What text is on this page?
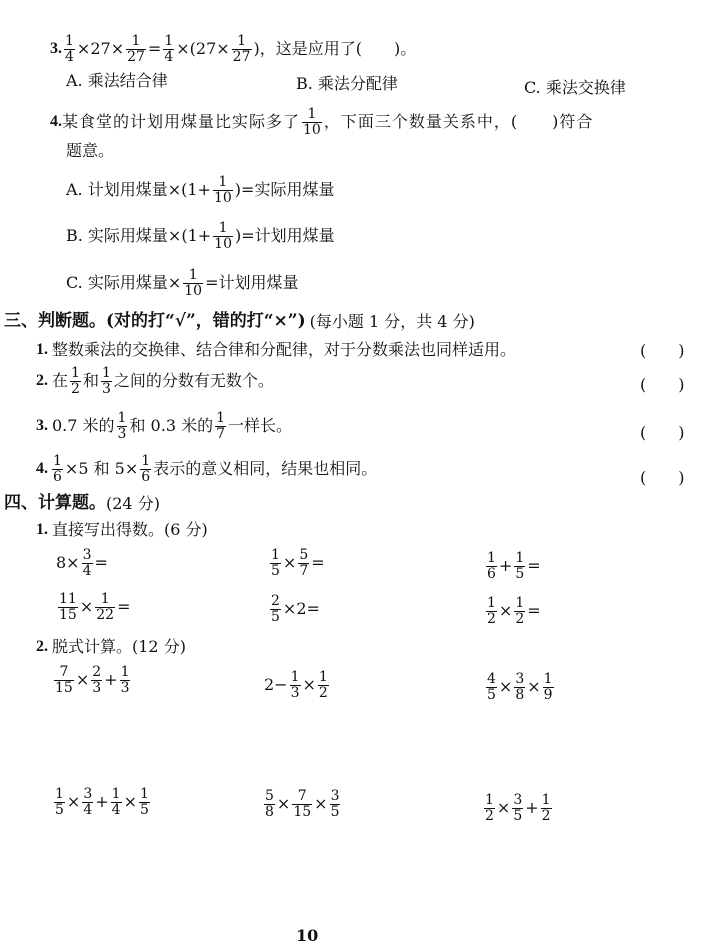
3. $\frac{1}{4} \times 27\times \frac{1}{27} = \frac{1}{4} \times(27\times \frac{1}{27}$ )，这是应用了(　　)。
A. 乘法结合律	B. 乘法分配律	C. 乘法交换律
4. 某食堂的计划用煤量比实际多了 $\frac{1}{10}$ ，下面三个数量关系中，(　　)符合
题意。
A. 计划用煤量$\times(1+ \frac{1}{10}$ )=实际用煤量
B. 实际用煤量$\times(1+ \frac{1}{10}$ )=计划用煤量
C. 实际用煤量× $\frac{1}{10}$ =计划用煤量
三、判断题。(对的打“√”，错的打“×”) (每小题 1 分，共 4 分)
1. 整数乘法的交换律、结合律和分配律，对于分数乘法也同样适用。	(　　)
2. 在 $\frac{1}{2}$ 和 $\frac{1}{3}$ 之间的分数有无数个。	(　　)
3. 0.7 米的 $\frac{1}{3}$ 和 0.3 米的 $\frac{1}{7}$ 一样长。	(　　)
4. $\frac{1}{6} \times 5$ 和 $5\times \frac{1}{6}$ 表示的意义相同，结果也相同。	(　　)
四、计算题。 (24 分)
1. 直接写出得数。(6 分)
$8\times \frac{3}{4}$ =	$\frac{1}{5} \times \frac{5}{7}$ =	$\frac{1}{6} + \frac{1}{5}$ =
$\frac{11}{15} \times \frac{1}{22}$ =	$\frac{2}{5} \times 2=$	$\frac{1}{2} \times \frac{1}{2}$ =
2. 脱式计算。(12 分)
$\frac{7}{15} \times \frac{2}{3} + \frac{1}{3}$	$2- \frac{1}{3} \times \frac{1}{2}$	$\frac{4}{5} \times \frac{3}{8} \times \frac{1}{9}$
$\frac{1}{5} \times \frac{3}{4} + \frac{1}{4} \times \frac{1}{5}$	$\frac{5}{8} \times \frac{7}{15} \times \frac{3}{5}$	$\frac{1}{2} \times \frac{3}{5} + \frac{1}{2}$
10
